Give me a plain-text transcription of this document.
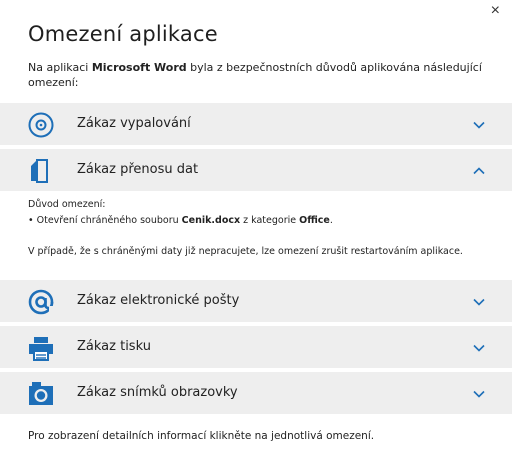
×
Omezení aplikace

Na aplikaci Microsoft Word byla z bezpečnostních důvodů aplikována následující omezení:

Zákaz vypalování
Zákaz přenosu dat
Důvod omezení:
• Otevření chráněného souboru Cenik.docx z kategorie Office.
V případě, že s chráněnými daty již nepracujete, lze omezení zrušit restartováním aplikace.
Zákaz elektronické pošty
Zákaz tisku
Zákaz snímků obrazovky
Pro zobrazení detailních informací klikněte na jednotlivá omezení.
